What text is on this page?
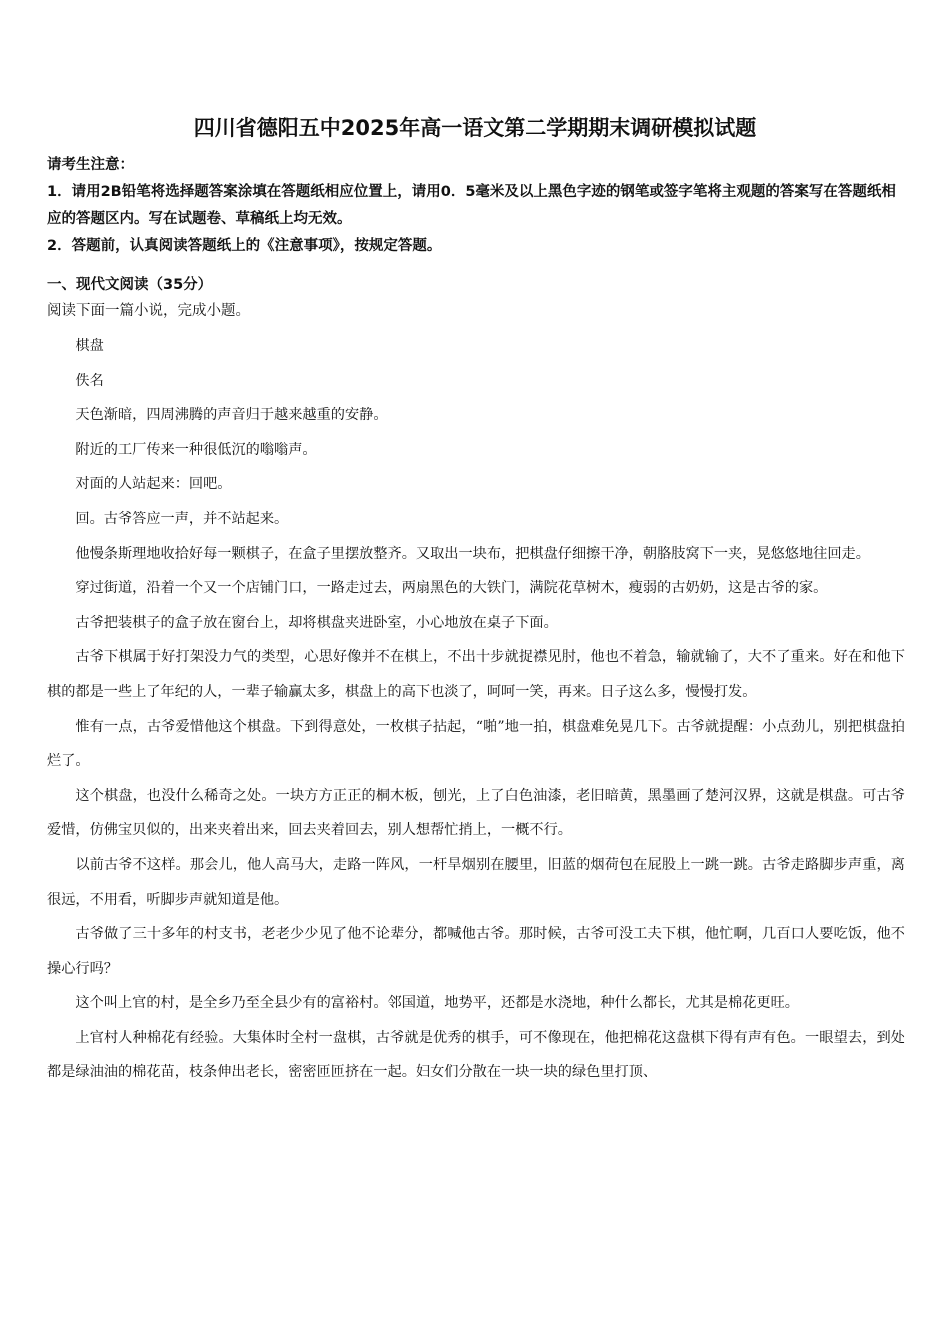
四川省德阳五中2025年高一语文第二学期期末调研模拟试题
请考生注意：
1．请用2B铅笔将选择题答案涂填在答题纸相应位置上，请用0．5毫米及以上黑色字迹的钢笔或签字笔将主观题的答案写在答题纸相应的答题区内。写在试题卷、草稿纸上均无效。
2．答题前，认真阅读答题纸上的《注意事项》，按规定答题。
一、现代文阅读（35分）
阅读下面一篇小说，完成小题。

棋盘

佚名

天色渐暗，四周沸腾的声音归于越来越重的安静。

附近的工厂传来一种很低沉的嗡嗡声。

对面的人站起来：回吧。

回。古爷答应一声，并不站起来。

他慢条斯理地收拾好每一颗棋子，在盒子里摆放整齐。又取出一块布，把棋盘仔细擦干净，朝胳肢窝下一夹，晃悠悠地往回走。

穿过街道，沿着一个又一个店铺门口，一路走过去，两扇黑色的大铁门，满院花草树木，瘦弱的古奶奶，这是古爷的家。

古爷把装棋子的盒子放在窗台上，却将棋盘夹进卧室，小心地放在桌子下面。

古爷下棋属于好打架没力气的类型，心思好像并不在棋上，不出十步就捉襟见肘，他也不着急，输就输了，大不了重来。好在和他下棋的都是一些上了年纪的人，一辈子输赢太多，棋盘上的高下也淡了，呵呵一笑，再来。日子这么多，慢慢打发。

惟有一点，古爷爱惜他这个棋盘。下到得意处，一枚棋子拈起，“啪”地一拍，棋盘难免晃几下。古爷就提醒：小点劲儿，别把棋盘拍烂了。

这个棋盘，也没什么稀奇之处。一块方方正正的桐木板，刨光，上了白色油漆，老旧暗黄，黑墨画了楚河汉界，这就是棋盘。可古爷爱惜，仿佛宝贝似的，出来夹着出来，回去夹着回去，别人想帮忙捎上，一概不行。

以前古爷不这样。那会儿，他人高马大，走路一阵风，一杆旱烟别在腰里，旧蓝的烟荷包在屁股上一跳一跳。古爷走路脚步声重，离很远，不用看，听脚步声就知道是他。

古爷做了三十多年的村支书，老老少少见了他不论辈分，都喊他古爷。那时候，古爷可没工夫下棋，他忙啊，几百口人要吃饭，他不操心行吗？

这个叫上官的村，是全乡乃至全县少有的富裕村。邻国道，地势平，还都是水浇地，种什么都长，尤其是棉花更旺。

上官村人种棉花有经验。大集体时全村一盘棋，古爷就是优秀的棋手，可不像现在，他把棉花这盘棋下得有声有色。一眼望去，到处都是绿油油的棉花苗，枝条伸出老长，密密匝匝挤在一起。妇女们分散在一块一块的绿色里打顶、
